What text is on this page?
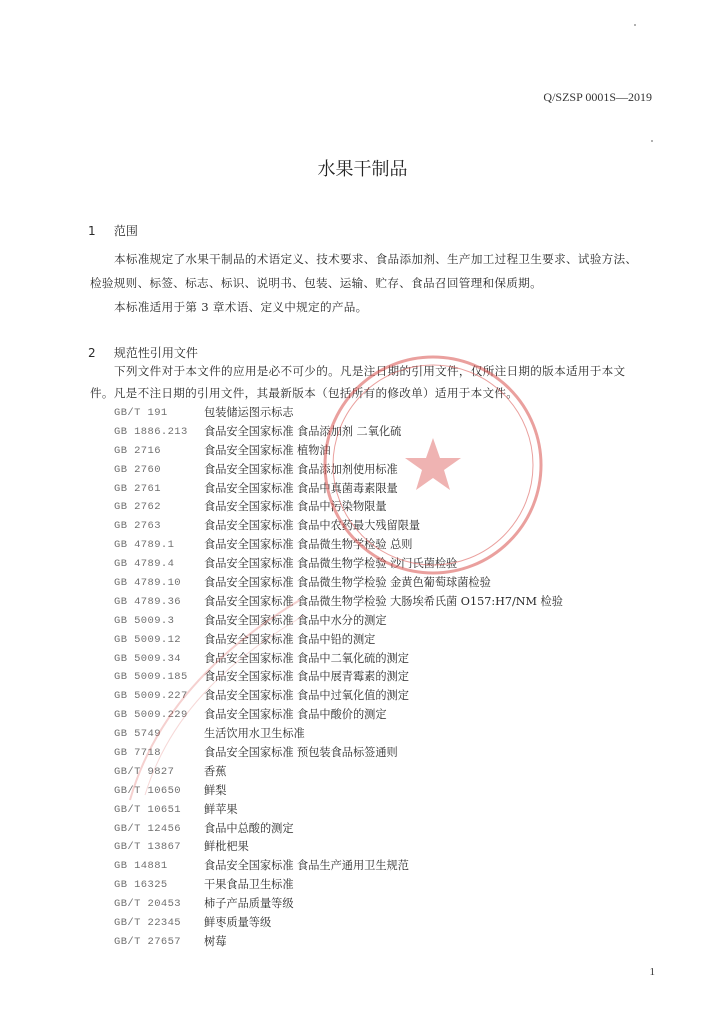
Q/SZSP 0001S—2019
水果干制品
1 范围
本标准规定了水果干制品的术语定义、技术要求、食品添加剂、生产加工过程卫生要求、试验方法、
检验规则、标签、标志、标识、说明书、包装、运输、贮存、食品召回管理和保质期。
本标准适用于第 3 章术语、定义中规定的产品。
2 规范性引用文件
下列文件对于本文件的应用是必不可少的。凡是注日期的引用文件，仅所注日期的版本适用于本文
件。凡是不注日期的引用文件，其最新版本（包括所有的修改单）适用于本文件。
GB/T 191	包装储运图示标志
GB 1886.213 食品安全国家标准 食品添加剂 二氧化硫
GB 2716	食品安全国家标准 植物油
GB 2760	食品安全国家标准 食品添加剂使用标准
GB 2761	食品安全国家标准 食品中真菌毒素限量
GB 2762	食品安全国家标准 食品中污染物限量
GB 2763	食品安全国家标准 食品中农药最大残留限量
GB 4789.1	食品安全国家标准 食品微生物学检验 总则
GB 4789.4	食品安全国家标准 食品微生物学检验 沙门氏菌检验
GB 4789.10 食品安全国家标准 食品微生物学检验 金黄色葡萄球菌检验
GB 4789.36 食品安全国家标准 食品微生物学检验 大肠埃希氏菌 O157:H7/NM 检验
GB 5009.3	食品安全国家标准 食品中水分的测定
GB 5009.12 食品安全国家标准 食品中铅的测定
GB 5009.34 食品安全国家标准 食品中二氧化硫的测定
GB 5009.185 食品安全国家标准 食品中展青霉素的测定
GB 5009.227 食品安全国家标准 食品中过氧化值的测定
GB 5009.229 食品安全国家标准 食品中酸价的测定
GB 5749	生活饮用水卫生标准
GB 7718	食品安全国家标准 预包装食品标签通则
GB/T 9827	香蕉
GB/T 10650 鲜梨
GB/T 10651 鲜苹果
GB/T 12456 食品中总酸的测定
GB/T 13867 鲜枇杷果
GB 14881	食品安全国家标准 食品生产通用卫生规范
GB 16325	干果食品卫生标准
GB/T 20453 柿子产品质量等级
GB/T 22345 鲜枣质量等级
GB/T 27657 树莓
1
